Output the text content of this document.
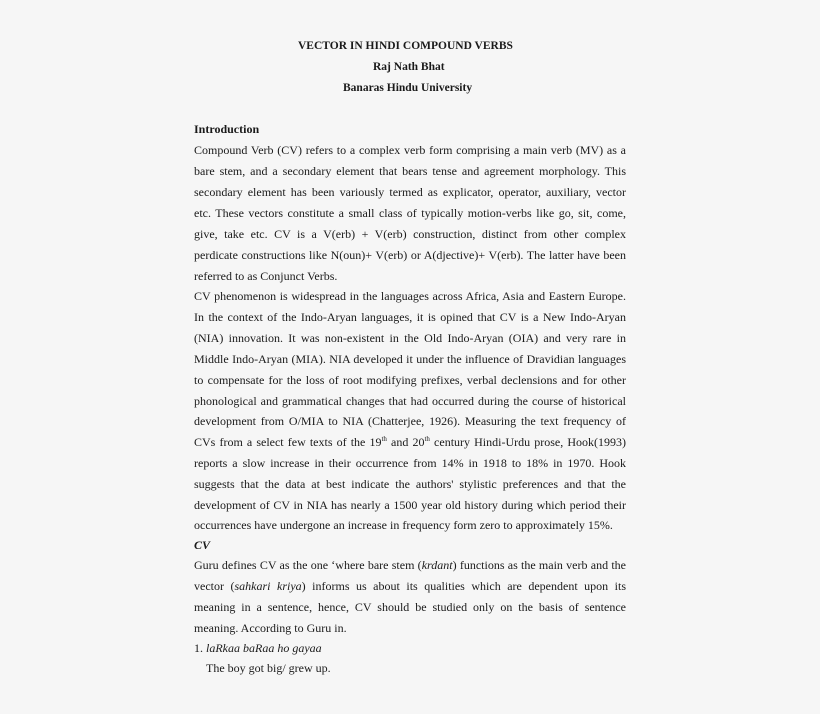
VECTOR IN HINDI COMPOUND VERBS
Raj Nath Bhat
Banaras Hindu University
Introduction
Compound Verb (CV) refers to a complex verb form comprising a main verb (MV) as a
bare stem, and a secondary element that bears tense and agreement morphology. This
secondary element has been variously termed as explicator, operator, auxiliary, vector
etc. These vectors constitute a small class of typically motion-verbs like go, sit, come,
give, take etc. CV is a V(erb) + V(erb) construction, distinct from other complex
perdicate constructions like N(oun)+ V(erb) or A(djective)+ V(erb). The latter have been
referred to as Conjunct Verbs.
CV phenomenon is widespread in the languages across Africa, Asia and Eastern Europe.
In the context of the Indo-Aryan languages, it is opined that CV is a New Indo-Aryan
(NIA) innovation. It was non-existent in the Old Indo-Aryan (OIA) and very rare in
Middle Indo-Aryan (MIA). NIA developed it under the influence of Dravidian languages
to compensate for the loss of root modifying prefixes, verbal declensions and for other
phonological and grammatical changes that had occurred during the course of historical
development from O/MIA to NIA (Chatterjee, 1926). Measuring the text frequency of
CVs from a select few texts of the 19th and 20th century Hindi-Urdu prose, Hook(1993)
reports a slow increase in their occurrence from 14% in 1918 to 18% in 1970. Hook
suggests that the data at best indicate the authors' stylistic preferences and that the
development of CV in NIA has nearly a 1500 year old history during which period their
occurrences have undergone an increase in frequency form zero to approximately 15%.
CV
Guru defines CV as the one ‘where bare stem (krdant) functions as the main verb and the
vector (sahkari kriya) informs us about its qualities which are dependent upon its
meaning in a sentence, hence, CV should be studied only on the basis of sentence
meaning. According to Guru in.
1. laRkaa baRaa ho gayaa
The boy got big/ grew up.
